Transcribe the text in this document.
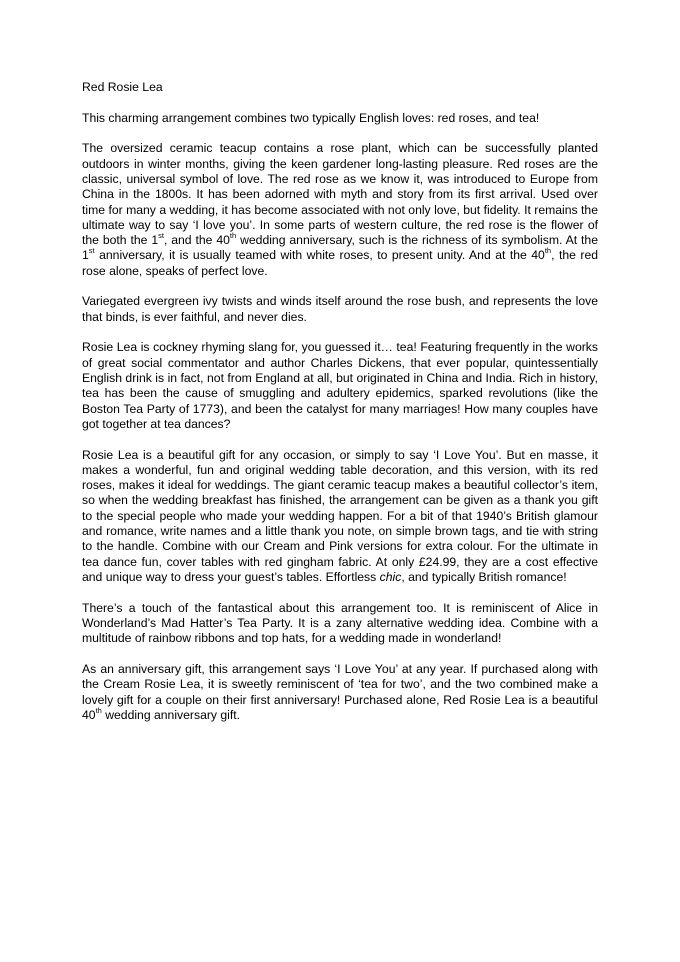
Red Rosie Lea

This charming arrangement combines two typically English loves: red roses, and tea!

The oversized ceramic teacup contains a rose plant, which can be successfully planted outdoors in winter months, giving the keen gardener long-lasting pleasure. Red roses are the classic, universal symbol of love. The red rose as we know it, was introduced to Europe from China in the 1800s. It has been adorned with myth and story from its first arrival. Used over time for many a wedding, it has become associated with not only love, but fidelity. It remains the ultimate way to say ‘I love you’. In some parts of western culture, the red rose is the flower of the both the 1st, and the 40th wedding anniversary, such is the richness of its symbolism. At the 1st anniversary, it is usually teamed with white roses, to present unity. And at the 40th, the red rose alone, speaks of perfect love.

Variegated evergreen ivy twists and winds itself around the rose bush, and represents the love that binds, is ever faithful, and never dies.

Rosie Lea is cockney rhyming slang for, you guessed it… tea! Featuring frequently in the works of great social commentator and author Charles Dickens, that ever popular, quintessentially English drink is in fact, not from England at all, but originated in China and India. Rich in history, tea has been the cause of smuggling and adultery epidemics, sparked revolutions (like the Boston Tea Party of 1773), and been the catalyst for many marriages! How many couples have got together at tea dances?

Rosie Lea is a beautiful gift for any occasion, or simply to say ‘I Love You’. But en masse, it makes a wonderful, fun and original wedding table decoration, and this version, with its red roses, makes it ideal for weddings. The giant ceramic teacup makes a beautiful collector’s item, so when the wedding breakfast has finished, the arrangement can be given as a thank you gift to the special people who made your wedding happen. For a bit of that 1940’s British glamour and romance, write names and a little thank you note, on simple brown tags, and tie with string to the handle. Combine with our Cream and Pink versions for extra colour. For the ultimate in tea dance fun, cover tables with red gingham fabric. At only £24.99, they are a cost effective and unique way to dress your guest’s tables. Effortless chic, and typically British romance!

There’s a touch of the fantastical about this arrangement too. It is reminiscent of Alice in Wonderland’s Mad Hatter’s Tea Party. It is a zany alternative wedding idea. Combine with a multitude of rainbow ribbons and top hats, for a wedding made in wonderland!

As an anniversary gift, this arrangement says ‘I Love You’ at any year. If purchased along with the Cream Rosie Lea, it is sweetly reminiscent of ‘tea for two’, and the two combined make a lovely gift for a couple on their first anniversary! Purchased alone, Red Rosie Lea is a beautiful 40th wedding anniversary gift.
